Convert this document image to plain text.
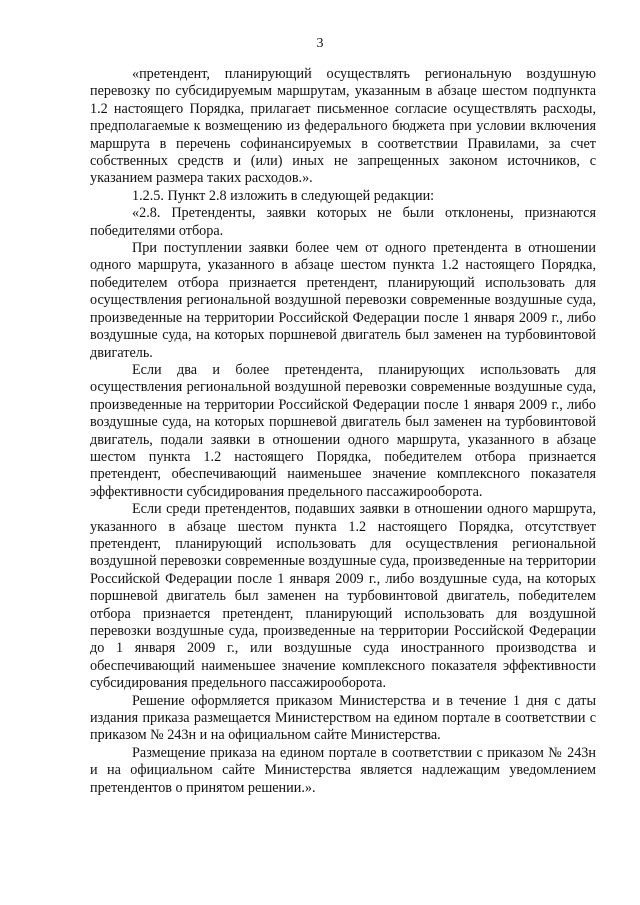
3

«претендент, планирующий осуществлять региональную воздушную перевозку по субсидируемым маршрутам, указанным в абзаце шестом подпункта 1.2 настоящего Порядка, прилагает письменное согласие осуществлять расходы, предполагаемые к возмещению из федерального бюджета при условии включения маршрута в перечень софинансируемых в соответствии Правилами, за счет собственных средств и (или) иных не запрещенных законом источников, с указанием размера таких расходов.».

1.2.5. Пункт 2.8 изложить в следующей редакции:

«2.8. Претенденты, заявки которых не были отклонены, признаются победителями отбора.

При поступлении заявки более чем от одного претендента в отношении одного маршрута, указанного в абзаце шестом пункта 1.2 настоящего Порядка, победителем отбора признается претендент, планирующий использовать для осуществления региональной воздушной перевозки современные воздушные суда, произведенные на территории Российской Федерации после 1 января 2009 г., либо воздушные суда, на которых поршневой двигатель был заменен на турбовинтовой двигатель.

Если два и более претендента, планирующих использовать для осуществления региональной воздушной перевозки современные воздушные суда, произведенные на территории Российской Федерации после 1 января 2009 г., либо воздушные суда, на которых поршневой двигатель был заменен на турбовинтовой двигатель, подали заявки в отношении одного маршрута, указанного в абзаце шестом пункта 1.2 настоящего Порядка, победителем отбора признается претендент, обеспечивающий наименьшее значение комплексного показателя эффективности субсидирования предельного пассажирооборота.

Если среди претендентов, подавших заявки в отношении одного маршрута, указанного в абзаце шестом пункта 1.2 настоящего Порядка, отсутствует претендент, планирующий использовать для осуществления региональной воздушной перевозки современные воздушные суда, произведенные на территории Российской Федерации после 1 января 2009 г., либо воздушные суда, на которых поршневой двигатель был заменен на турбовинтовой двигатель, победителем отбора признается претендент, планирующий использовать для воздушной перевозки воздушные суда, произведенные на территории Российской Федерации до 1 января 2009 г., или воздушные суда иностранного производства и обеспечивающий наименьшее значение комплексного показателя эффективности субсидирования предельного пассажирооборота.

Решение оформляется приказом Министерства и в течение 1 дня с даты издания приказа размещается Министерством на едином портале в соответствии с приказом № 243н и на официальном сайте Министерства.

Размещение приказа на едином портале в соответствии с приказом № 243н и на официальном сайте Министерства является надлежащим уведомлением претендентов о принятом решении.».
